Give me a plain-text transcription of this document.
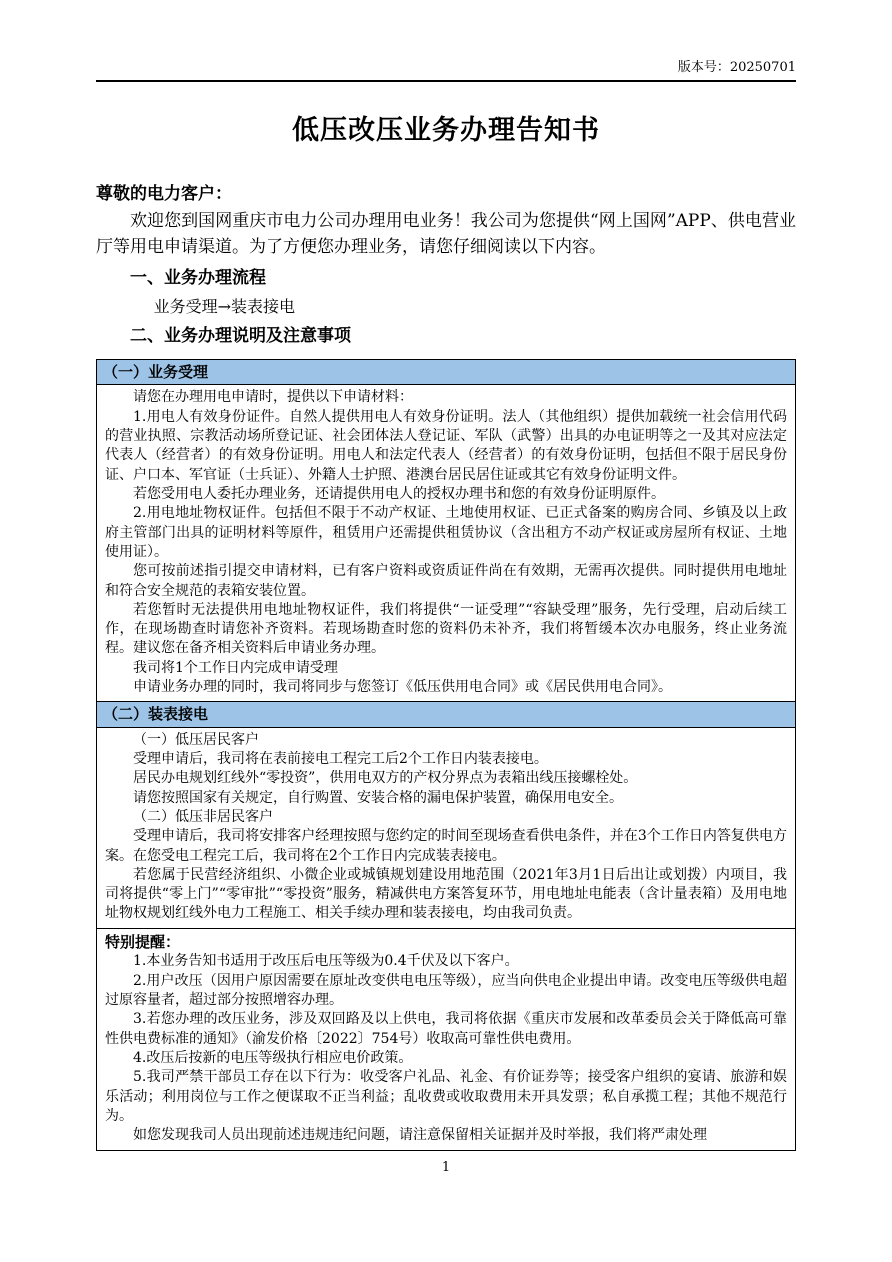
版本号：20250701
低压改压业务办理告知书

尊敬的电力客户：

欢迎您到国网重庆市电力公司办理用电业务！我公司为您提供“网上国网”APP、供电营业厅等用电申请渠道。为了方便您办理业务，请您仔细阅读以下内容。

一、业务办理流程

业务受理→装表接电

二、业务办理说明及注意事项

（一）业务受理

请您在办理用电申请时，提供以下申请材料：

1.用电人有效身份证件。自然人提供用电人有效身份证明。法人（其他组织）提供加载统一社会信用代码的营业执照、宗教活动场所登记证、社会团体法人登记证、军队（武警）出具的办电证明等之一及其对应法定代表人（经营者）的有效身份证明。用电人和法定代表人（经营者）的有效身份证明，包括但不限于居民身份证、户口本、军官证（士兵证）、外籍人士护照、港澳台居民居住证或其它有效身份证明文件。

若您受用电人委托办理业务，还请提供用电人的授权办理书和您的有效身份证明原件。

2.用电地址物权证件。包括但不限于不动产权证、土地使用权证、已正式备案的购房合同、乡镇及以上政府主管部门出具的证明材料等原件，租赁用户还需提供租赁协议（含出租方不动产权证或房屋所有权证、土地使用证）。

您可按前述指引提交申请材料，已有客户资料或资质证件尚在有效期，无需再次提供。同时提供用电地址和符合安全规范的表箱安装位置。

若您暂时无法提供用电地址物权证件，我们将提供“一证受理”“容缺受理”服务，先行受理，启动后续工作，在现场勘查时请您补齐资料。若现场勘查时您的资料仍未补齐，我们将暂缓本次办电服务，终止业务流程。建议您在备齐相关资料后申请业务办理。

我司将1个工作日内完成申请受理

申请业务办理的同时，我司将同步与您签订《低压供用电合同》或《居民供用电合同》。

（二）装表接电

（一）低压居民客户

受理申请后，我司将在表前接电工程完工后2个工作日内装表接电。

居民办电规划红线外“零投资”，供用电双方的产权分界点为表箱出线压接螺栓处。

请您按照国家有关规定，自行购置、安装合格的漏电保护装置，确保用电安全。

（二）低压非居民客户

受理申请后，我司将安排客户经理按照与您约定的时间至现场查看供电条件，并在3个工作日内答复供电方案。在您受电工程完工后，我司将在2个工作日内完成装表接电。

若您属于民营经济组织、小微企业或城镇规划建设用地范围（2021年3月1日后出让或划拨）内项目，我司将提供“零上门”“零审批”“零投资”服务，精减供电方案答复环节，用电地址电能表（含计量表箱）及用电地址物权规划红线外电力工程施工、相关手续办理和装表接电，均由我司负责。

特别提醒：

1.本业务告知书适用于改压后电压等级为0.4千伏及以下客户。

2.用户改压（因用户原因需要在原址改变供电电压等级），应当向供电企业提出申请。改变电压等级供电超过原容量者，超过部分按照增容办理。

3.若您办理的改压业务，涉及双回路及以上供电，我司将依据《重庆市发展和改革委员会关于降低高可靠性供电费标准的通知》（渝发价格〔2022〕754号）收取高可靠性供电费用。

4.改压后按新的电压等级执行相应电价政策。

5.我司严禁干部员工存在以下行为：收受客户礼品、礼金、有价证券等；接受客户组织的宴请、旅游和娱乐活动；利用岗位与工作之便谋取不正当利益；乱收费或收取费用未开具发票；私自承揽工程；其他不规范行为。

如您发现我司人员出现前述违规违纪问题，请注意保留相关证据并及时举报，我们将严肃处理

1
